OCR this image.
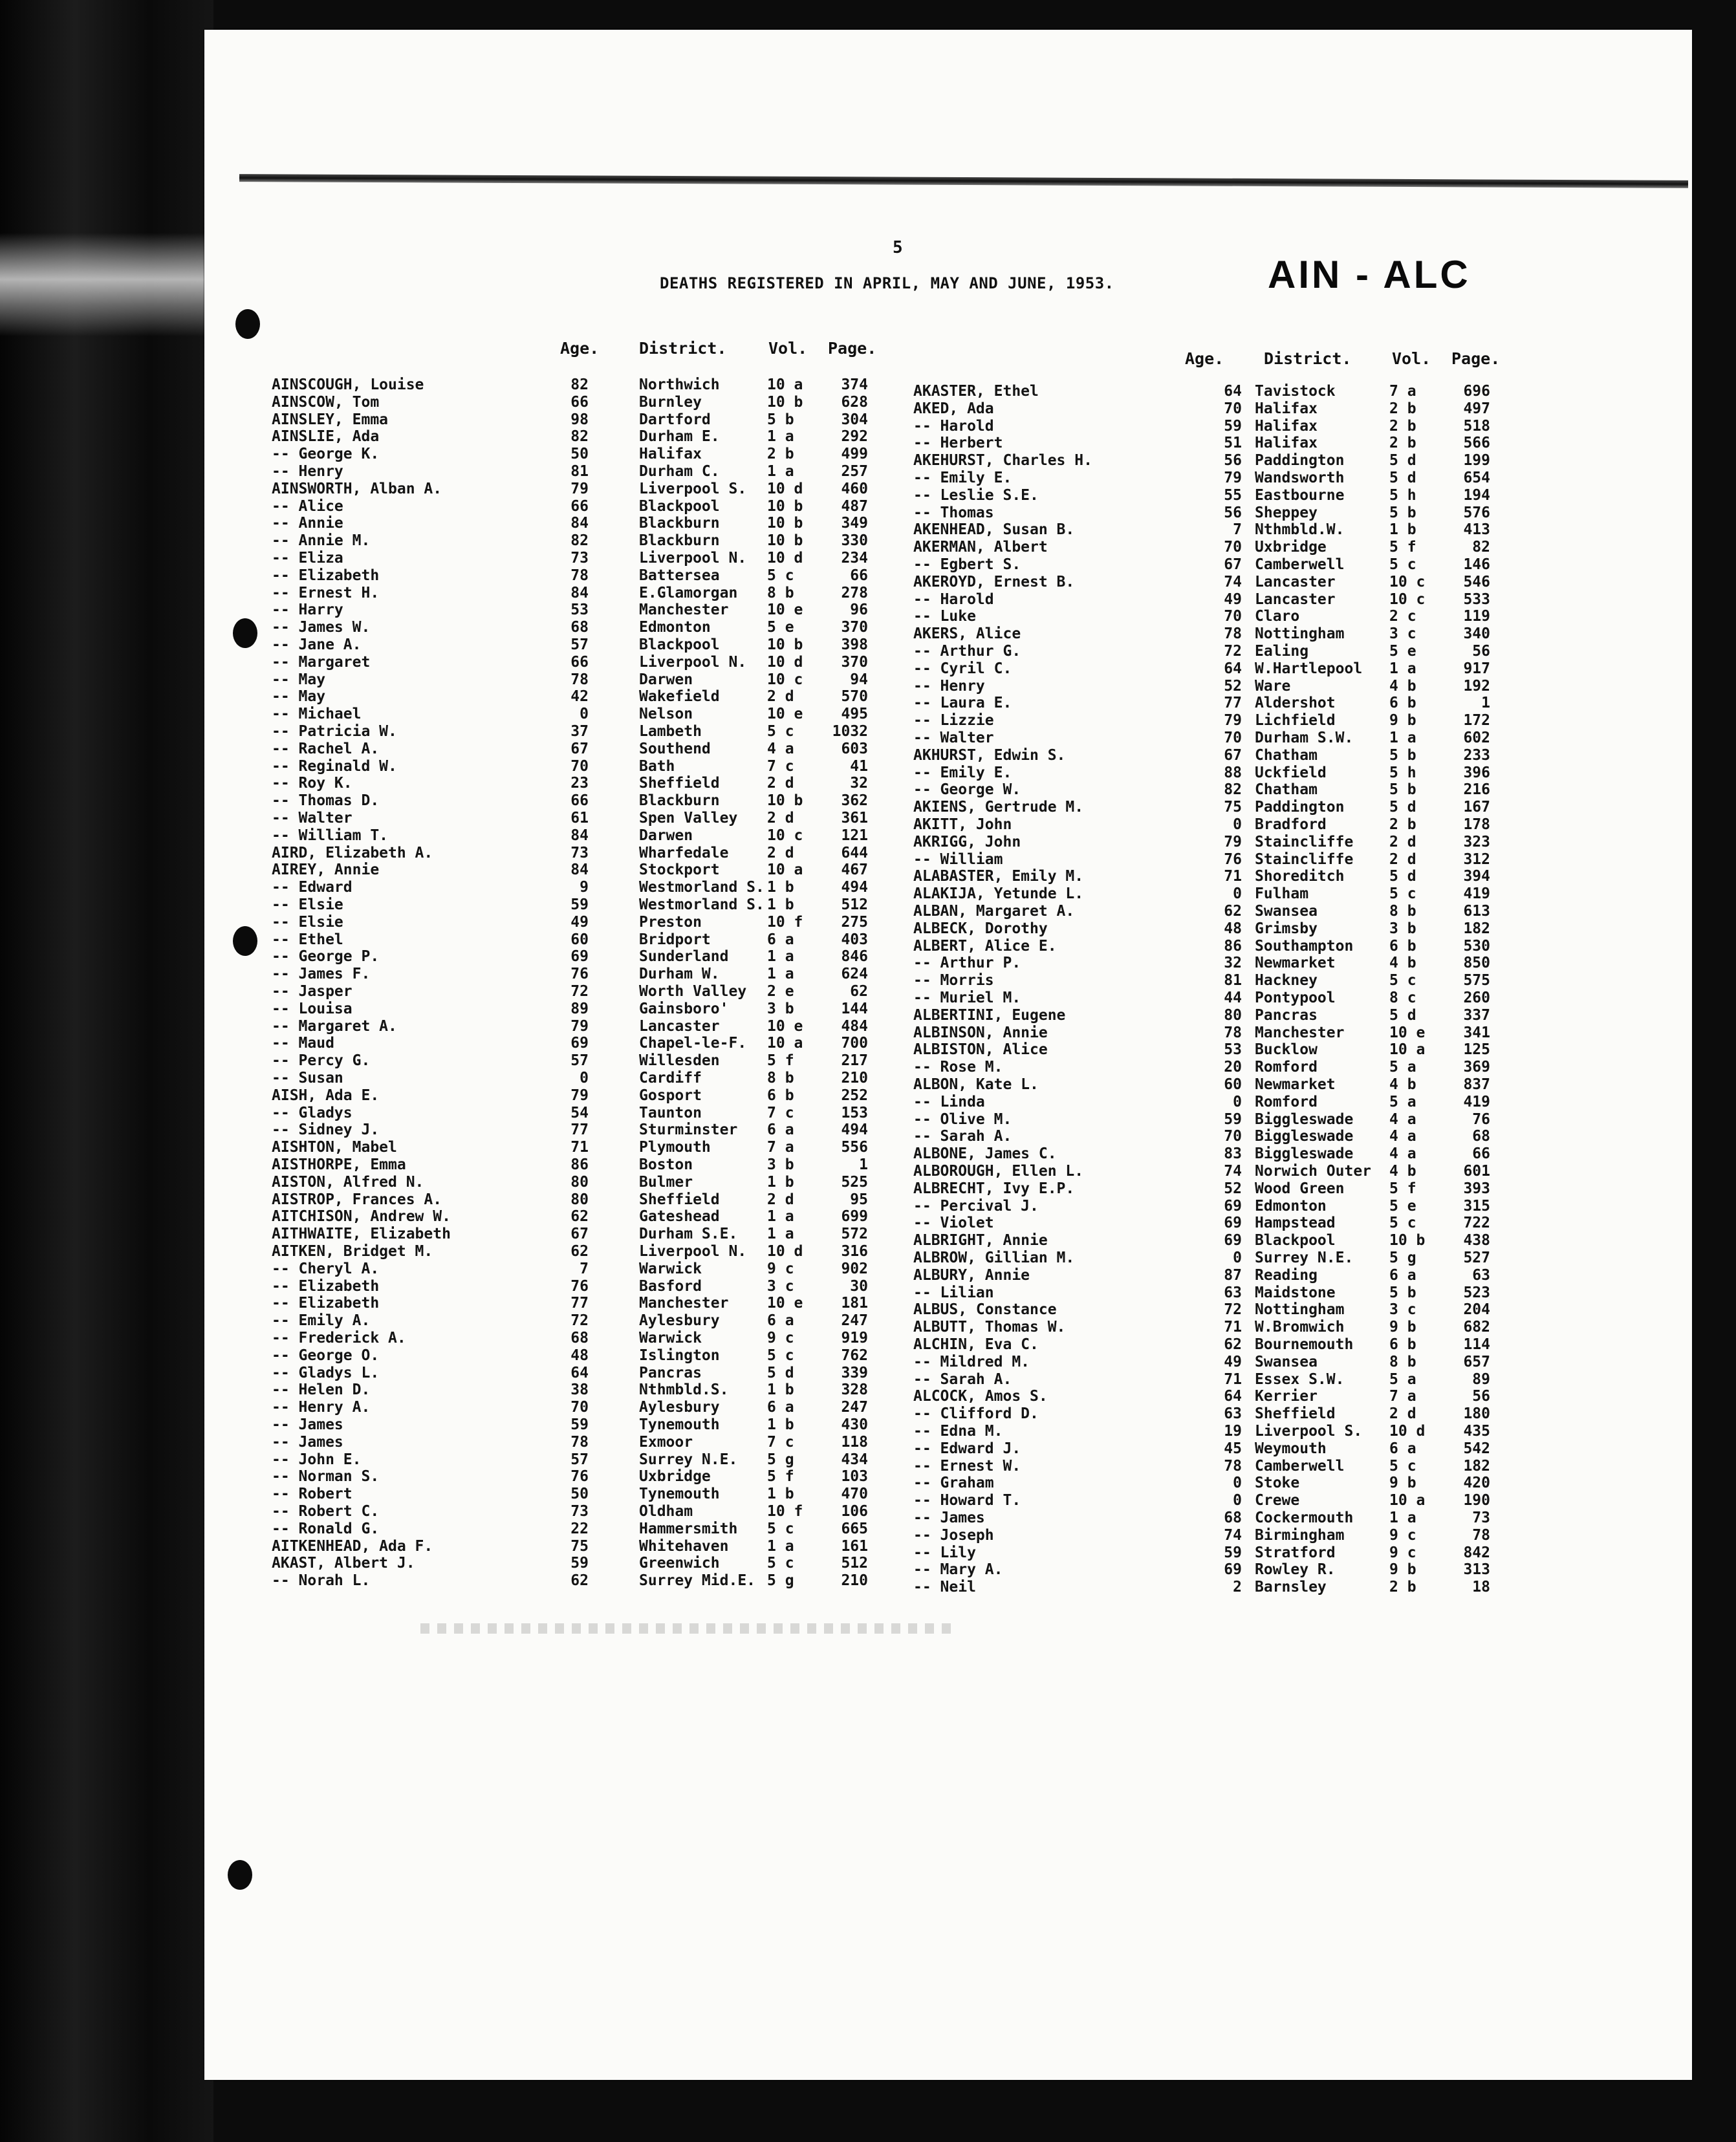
5
DEATHS REGISTERED IN APRIL, MAY AND JUNE, 1953.	AIN - ALC
Age. District.	Vol. Page.
Age. District.	Vol. Page.
AINSCOUGH, Louise	82	Northwich	10 a	374
AINSCOW, Tom	66	Burnley	10 b	628
AINSLEY, Emma	98	Dartford	5 b	304
AINSLIE, Ada	82	Durham E.	1 a	292
-- George K.	50	Halifax	2 b	499
-- Henry	81	Durham C.	1 a	257
AINSWORTH, Alban A.	79	Liverpool S. 10 d	460
-- Alice	66	Blackpool	10 b	487
-- Annie	84	Blackburn	10 b	349
-- Annie M.	82	Blackburn	10 b	330
-- Eliza	73	Liverpool N. 10 d	234
-- Elizabeth	78	Battersea	5 c	66
-- Ernest H.	84	E.Glamorgan 8 b	278
-- Harry	53	Manchester	10 e	96
-- James W.	68	Edmonton	5 e	370
-- Jane A.	57	Blackpool	10 b	398
-- Margaret	66	Liverpool N. 10 d	370
-- May	78	Darwen	10 c	94
-- May	42	Wakefield	2 d	570
-- Michael	0	Nelson	10 e	495
-- Patricia W.	37	Lambeth	5 c	1032
-- Rachel A.	67	Southend	4 a	603
-- Reginald W.	70	Bath	7 c	41
-- Roy K.	23	Sheffield	2 d	32
-- Thomas D.	66	Blackburn	10 b	362
-- Walter	61	Spen Valley 2 d	361
-- William T.	84	Darwen	10 c	121
AIRD, Elizabeth A.	73	Wharfedale	2 d	644
AIREY, Annie	84	Stockport	10 a	467
-- Edward	9	Westmorland S. 1 b	494
-- Elsie	59	Westmorland S. 1 b	512
-- Elsie	49	Preston	10 f	275
-- Ethel	60	Bridport	6 a	403
-- George P.	69	Sunderland	1 a	846
-- James F.	76	Durham W.	1 a	624
-- Jasper	72	Worth Valley 2 e	62
-- Louisa	89	Gainsboro'	3 b	144
-- Margaret A.	79	Lancaster	10 e	484
-- Maud	69	Chapel-le-F. 10 a	700
-- Percy G.	57	Willesden	5 f	217
-- Susan	0	Cardiff	8 b	210
AISH, Ada E.	79	Gosport	6 b	252
-- Gladys	54	Taunton	7 c	153
-- Sidney J.	77	Sturminster 6 a	494
AISHTON, Mabel	71	Plymouth	7 a	556
AISTHORPE, Emma	86	Boston	3 b	1
AISTON, Alfred N.	80	Bulmer	1 b	525
AISTROP, Frances A.	80	Sheffield	2 d	95
AITCHISON, Andrew W.	62	Gateshead	1 a	699
AITHWAITE, Elizabeth	67	Durham S.E. 1 a	572
AITKEN, Bridget M.	62	Liverpool N. 10 d	316
-- Cheryl A.	7	Warwick	9 c	902
-- Elizabeth	76	Basford	3 c	30
-- Elizabeth	77	Manchester	10 e	181
-- Emily A.	72	Aylesbury	6 a	247
-- Frederick A.	68	Warwick	9 c	919
-- George O.	48	Islington	5 c	762
-- Gladys L.	64	Pancras	5 d	339
-- Helen D.	38	Nthmbld.S.	1 b	328
-- Henry A.	70	Aylesbury	6 a	247
-- James	59	Tynemouth	1 b	430
-- James	78	Exmoor	7 c	118
-- John E.	57	Surrey N.E. 5 g	434
-- Norman S.	76	Uxbridge	5 f	103
-- Robert	50	Tynemouth	1 b	470
-- Robert C.	73	Oldham	10 f	106
-- Ronald G.	22	Hammersmith 5 c	665
AITKENHEAD, Ada F.	75	Whitehaven	1 a	161
AKAST, Albert J.	59	Greenwich	5 c	512
-- Norah L.	62	Surrey Mid.E. 5 g	210
AKASTER, Ethel	64 Tavistock	7 a	696
AKED, Ada	70 Halifax	2 b	497
-- Harold	59 Halifax	2 b	518
-- Herbert	51 Halifax	2 b	566
AKEHURST, Charles H.	56 Paddington	5 d	199
-- Emily E.	79 Wandsworth	5 d	654
-- Leslie S.E.	55 Eastbourne	5 h	194
-- Thomas	56 Sheppey	5 b	576
AKENHEAD, Susan B.	7 Nthmbld.W.	1 b	413
AKERMAN, Albert	70 Uxbridge	5 f	82
-- Egbert S.	67 Camberwell	5 c	146
AKEROYD, Ernest B.	74 Lancaster	10 c	546
-- Harold	49 Lancaster	10 c	533
-- Luke	70 Claro	2 c	119
AKERS, Alice	78 Nottingham	3 c	340
-- Arthur G.	72 Ealing	5 e	56
-- Cyril C.	64 W.Hartlepool 1 a	917
-- Henry	52 Ware	4 b	192
-- Laura E.	77 Aldershot	6 b	1
-- Lizzie	79 Lichfield	9 b	172
-- Walter	70 Durham S.W. 1 a	602
AKHURST, Edwin S.	67 Chatham	5 b	233
-- Emily E.	88 Uckfield	5 h	396
-- George W.	82 Chatham	5 b	216
AKIENS, Gertrude M.	75 Paddington	5 d	167
AKITT, John	0 Bradford	2 b	178
AKRIGG, John	79 Staincliffe 2 d	323
-- William	76 Staincliffe 2 d	312
ALABASTER, Emily M.	71 Shoreditch	5 d	394
ALAKIJA, Yetunde L.	0 Fulham	5 c	419
ALBAN, Margaret A.	62 Swansea	8 b	613
ALBECK, Dorothy	48 Grimsby	3 b	182
ALBERT, Alice E.	86 Southampton 6 b	530
-- Arthur P.	32 Newmarket	4 b	850
-- Morris	81 Hackney	5 c	575
-- Muriel M.	44 Pontypool	8 c	260
ALBERTINI, Eugene	80 Pancras	5 d	337
ALBINSON, Annie	78 Manchester	10 e	341
ALBISTON, Alice	53 Bucklow	10 a	125
-- Rose M.	20 Romford	5 a	369
ALBON, Kate L.	60 Newmarket	4 b	837
-- Linda	0 Romford	5 a	419
-- Olive M.	59 Biggleswade 4 a	76
-- Sarah A.	70 Biggleswade 4 a	68
ALBONE, James C.	83 Biggleswade 4 a	66
ALBOROUGH, Ellen L.	74 Norwich Outer 4 b	601
ALBRECHT, Ivy E.P.	52 Wood Green	5 f	393
-- Percival J.	69 Edmonton	5 e	315
-- Violet	69 Hampstead	5 c	722
ALBRIGHT, Annie	69 Blackpool	10 b	438
ALBROW, Gillian M.	0 Surrey N.E. 5 g	527
ALBURY, Annie	87 Reading	6 a	63
-- Lilian	63 Maidstone	5 b	523
ALBUS, Constance	72 Nottingham	3 c	204
ALBUTT, Thomas W.	71 W.Bromwich	9 b	682
ALCHIN, Eva C.	62 Bournemouth 6 b	114
-- Mildred M.	49 Swansea	8 b	657
-- Sarah A.	71 Essex S.W.	5 a	89
ALCOCK, Amos S.	64 Kerrier	7 a	56
-- Clifford D.	63 Sheffield	2 d	180
-- Edna M.	19 Liverpool S. 10 d	435
-- Edward J.	45 Weymouth	6 a	542
-- Ernest W.	78 Camberwell	5 c	182
-- Graham	0 Stoke	9 b	420
-- Howard T.	0 Crewe	10 a	190
-- James	68 Cockermouth 1 a	73
-- Joseph	74 Birmingham	9 c	78
-- Lily	59 Stratford	9 c	842
-- Mary A.	69 Rowley R.	9 b	313
-- Neil	2 Barnsley	2 b	18
